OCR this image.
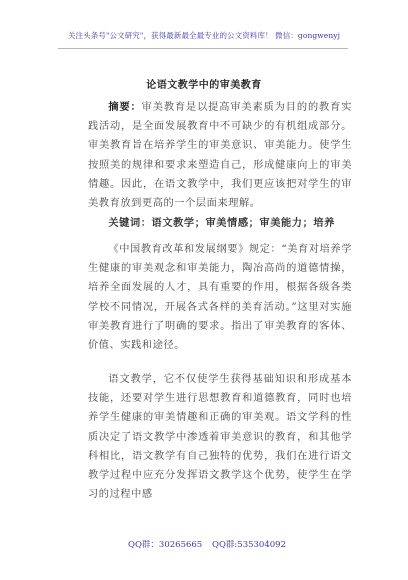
关注头条号"公文研究"，获得最新最全最专业的公文资料库！ 微信：gongwenyj
论语文教学中的审美教育
摘要：审美教育是以提高审美素质为目的的教育实践活动，是全面发展教育中不可缺少的有机组成部分。审美教育旨在培养学生的审美意识、审美能力。使学生按照美的规律和要求来塑造自己，形成健康向上的审美情趣。因此，在语文教学中，我们更应该把对学生的审美教育放到更高的一个层面来理解。
关键词：语文教学；审美情感；审美能力；培养
《中国教育改革和发展纲要》规定：“美育对培养学生健康的审美观念和审美能力，陶冶高尚的道德情操，培养全面发展的人才，具有重要的作用，根据各级各类学校不同情况，开展各式各样的美育活动。”这里对实施审美教育进行了明确的要求。指出了审美教育的客体、价值、实践和途径。
语文教学，它不仅使学生获得基础知识和形成基本技能，还要对学生进行思想教育和道德教育，同时也培养学生健康的审美情趣和正确的审美观。语文学科的性质决定了语文教学中渗透着审美意识的教育，和其他学科相比，语文教学有自己独特的优势，我们在进行语文教学过程中应充分发挥语文教学这个优势，使学生在学习的过程中感
QQ群：30265665 QQ群:535304092
